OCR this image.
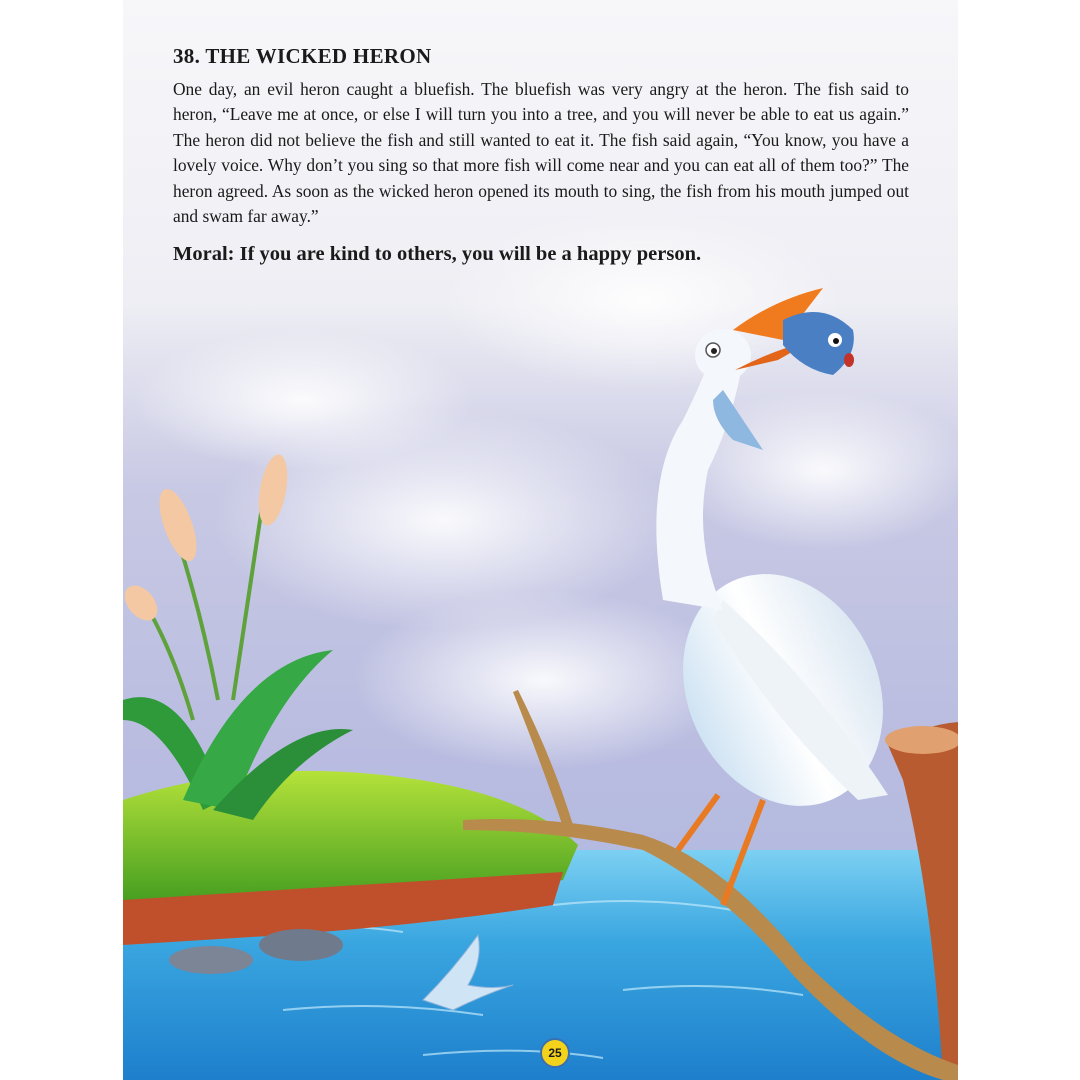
38. THE WICKED HERON

One day, an evil heron caught a bluefish. The bluefish was very angry at the heron. The fish said to heron, “Leave me at once, or else I will turn you into a tree, and you will never be able to eat us again.” The heron did not believe the fish and still wanted to eat it. The fish said again, “You know, you have a lovely voice. Why don’t you sing so that more fish will come near and you can eat all of them too?” The heron agreed. As soon as the wicked heron opened its mouth to sing, the fish from his mouth jumped out and swam far away.”

Moral: If you are kind to others, you will be a happy person.

25
